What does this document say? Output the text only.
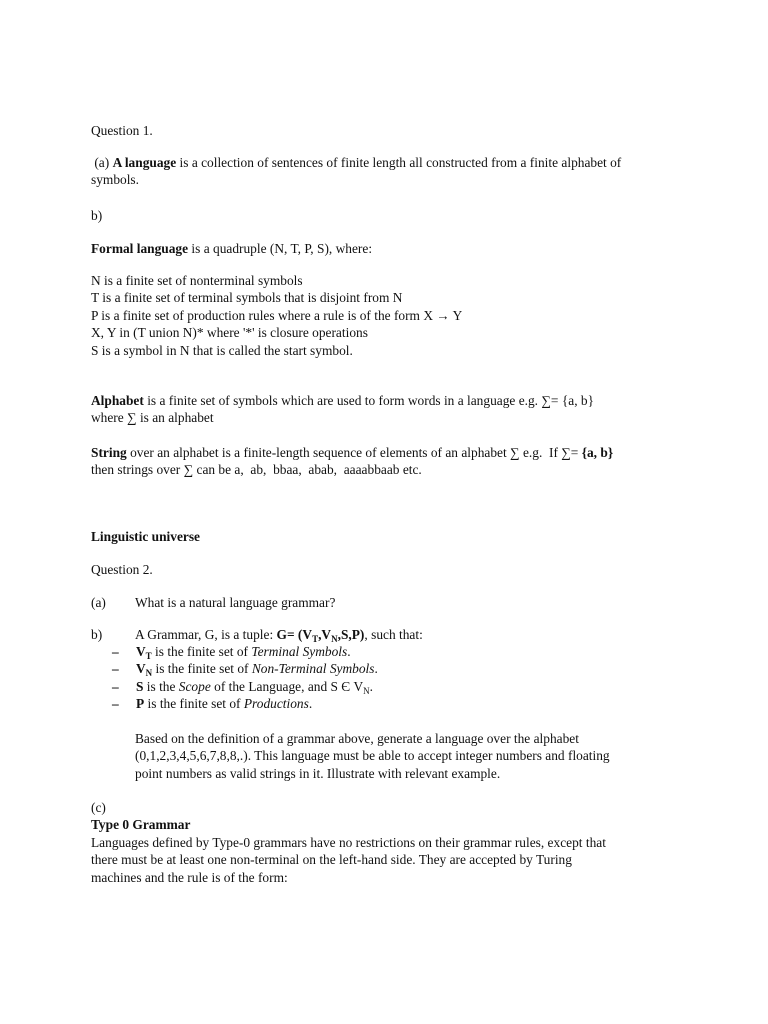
Question 1.
(a) A language is a collection of sentences of finite length all constructed from a finite alphabet of
symbols.
b)
Formal language is a quadruple (N, T, P, S), where:
N is a finite set of nonterminal symbols
T is a finite set of terminal symbols that is disjoint from N
P is a finite set of production rules where a rule is of the form X → Y
X, Y in (T union N)* where '*' is closure operations
S is a symbol in N that is called the start symbol.
Alphabet is a finite set of symbols which are used to form words in a language e.g. ∑= {a, b}
where ∑ is an alphabet
String over an alphabet is a finite-length sequence of elements of an alphabet ∑ e.g.  If ∑= {a, b}
then strings over ∑ can be a,  ab,  bbaa,  abab,  aaaabbaab etc.
Linguistic universe
Question 2.
(a) What is a natural language grammar?
b) A Grammar, G, is a tuple: $G= (V_T,V_N,S,P)$, such that:
– $V_T$ is the finite set of Terminal Symbols.
– $V_N$ is the finite set of Non-Terminal Symbols.
– S is the Scope of the Language, and S Є $V_N$.
– P is the finite set of Productions.
Based on the definition of a grammar above, generate a language over the alphabet
(0,1,2,3,4,5,6,7,8,8,.). This language must be able to accept integer numbers and floating
point numbers as valid strings in it. Illustrate with relevant example.
(c)
Type 0 Grammar
Languages defined by Type-0 grammars have no restrictions on their grammar rules, except that
there must be at least one non-terminal on the left-hand side. They are accepted by Turing
machines and the rule is of the form:
